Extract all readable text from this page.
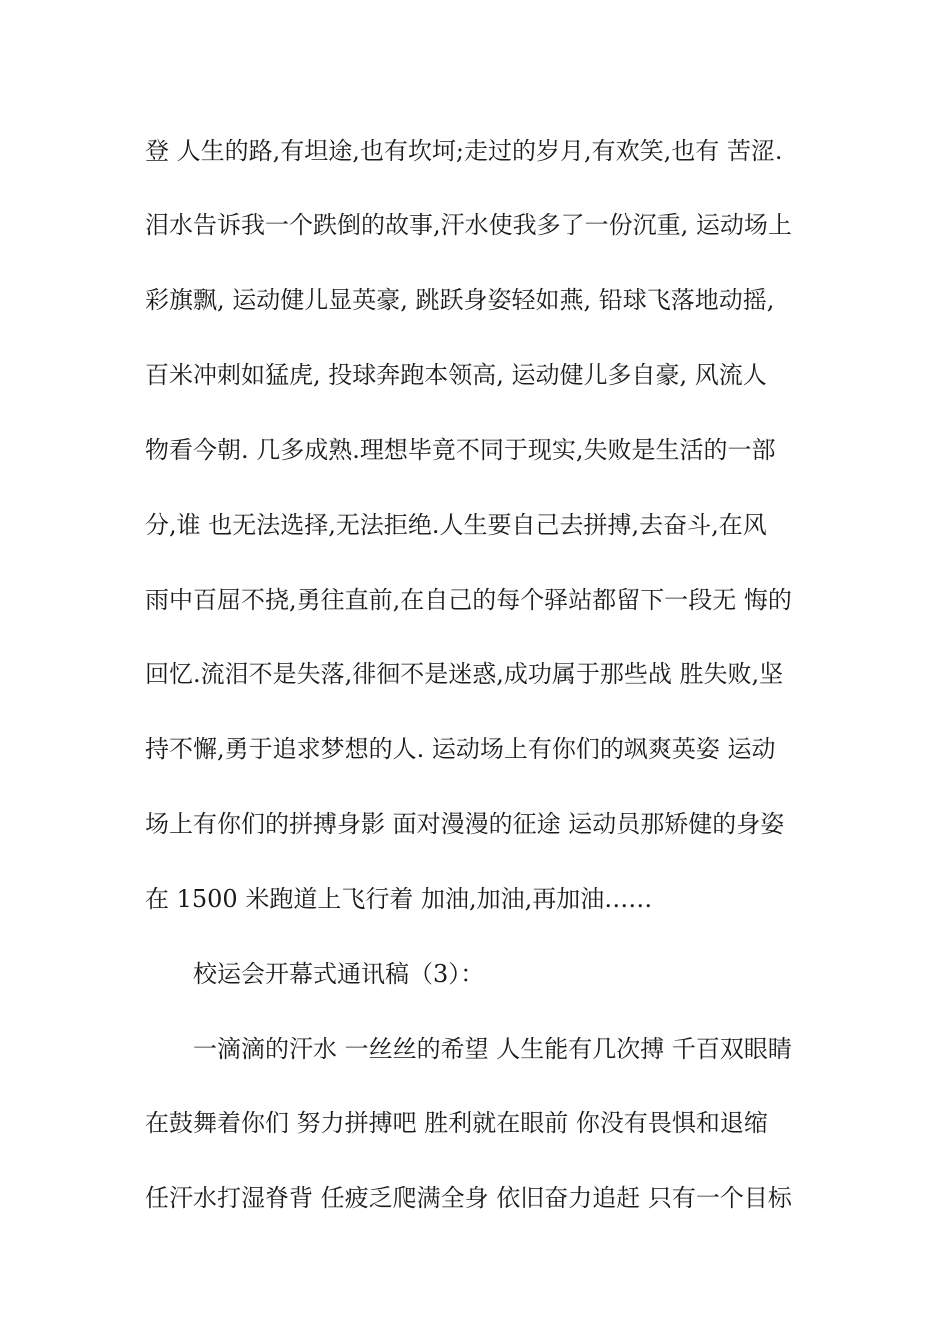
登 人生的路,有坦途,也有坎坷;走过的岁月,有欢笑,也有 苦涩.
泪水告诉我一个跌倒的故事,汗水使我多了一份沉重, 运动场上
彩旗飘, 运动健儿显英豪, 跳跃身姿轻如燕, 铅球飞落地动摇,
百米冲刺如猛虎, 投球奔跑本领高, 运动健儿多自豪, 风流人
物看今朝. 几多成熟.理想毕竟不同于现实,失败是生活的一部
分,谁 也无法选择,无法拒绝.人生要自己去拼搏,去奋斗,在风
雨中百屈不挠,勇往直前,在自己的每个驿站都留下一段无 悔的
回忆.流泪不是失落,徘徊不是迷惑,成功属于那些战 胜失败,坚
持不懈,勇于追求梦想的人. 运动场上有你们的飒爽英姿 运动
场上有你们的拼搏身影 面对漫漫的征途 运动员那矫健的身姿
在 1500 米跑道上飞行着 加油,加油,再加油……
校运会开幕式通讯稿（3）：
一滴滴的汗水 一丝丝的希望 人生能有几次搏 千百双眼睛
在鼓舞着你们 努力拼搏吧 胜利就在眼前 你没有畏惧和退缩
任汗水打湿脊背 任疲乏爬满全身 依旧奋力追赶 只有一个目标
